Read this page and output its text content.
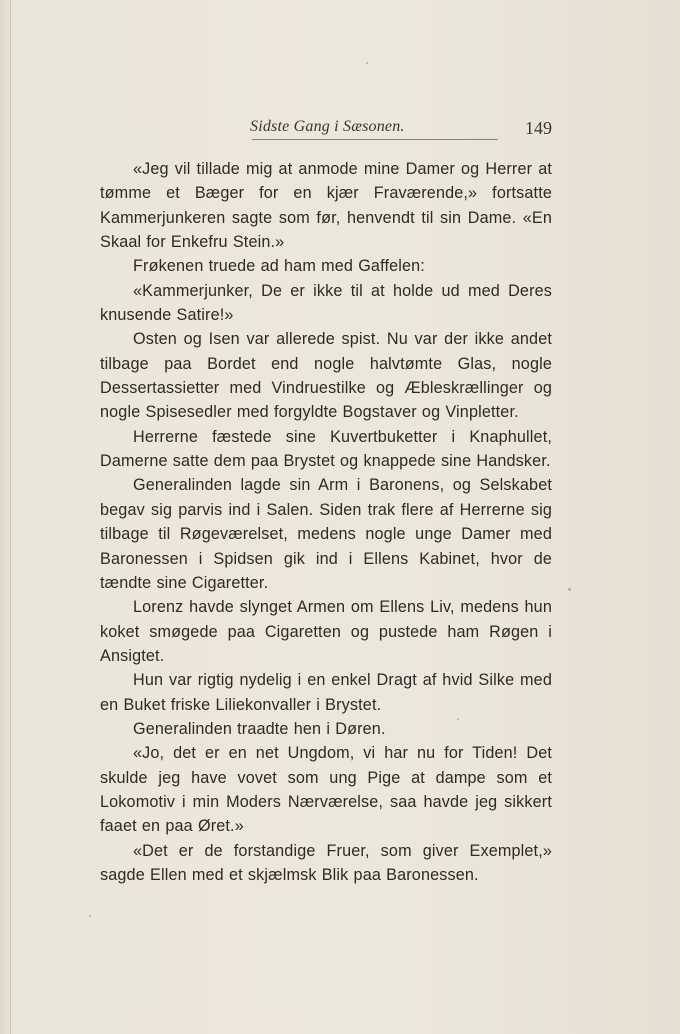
Sidste Gang i Sæsonen.	149

«Jeg vil tillade mig at anmode mine Damer og Herrer at tømme et Bæger for en kjær Fraværende,» fortsatte Kammerjunkeren sagte som før, henvendt til sin Dame. «En Skaal for Enkefru Stein.»

Frøkenen truede ad ham med Gaffelen:

«Kammerjunker, De er ikke til at holde ud med Deres knusende Satire!»

Osten og Isen var allerede spist. Nu var der ikke andet tilbage paa Bordet end nogle halvtømte Glas, nogle Dessertassietter med Vindruestilke og Æbleskrællinger og nogle Spisesedler med forgyldte Bogstaver og Vinpletter.

Herrerne fæstede sine Kuvertbuketter i Knaphullet, Damerne satte dem paa Brystet og knappede sine Handsker.

Generalinden lagde sin Arm i Baronens, og Selskabet begav sig parvis ind i Salen. Siden trak flere af Herrerne sig tilbage til Røgeværelset, medens nogle unge Damer med Baronessen i Spidsen gik ind i Ellens Kabinet, hvor de tændte sine Cigaretter.

Lorenz havde slynget Armen om Ellens Liv, medens hun koket smøgede paa Cigaretten og pustede ham Røgen i Ansigtet.

Hun var rigtig nydelig i en enkel Dragt af hvid Silke med en Buket friske Liliekonvaller i Brystet.

Generalinden traadte hen i Døren.

«Jo, det er en net Ungdom, vi har nu for Tiden! Det skulde jeg have vovet som ung Pige at dampe som et Lokomotiv i min Moders Nærværelse, saa havde jeg sikkert faaet en paa Øret.»

«Det er de forstandige Fruer, som giver Exemplet,» sagde Ellen med et skjælmsk Blik paa Baronessen.
